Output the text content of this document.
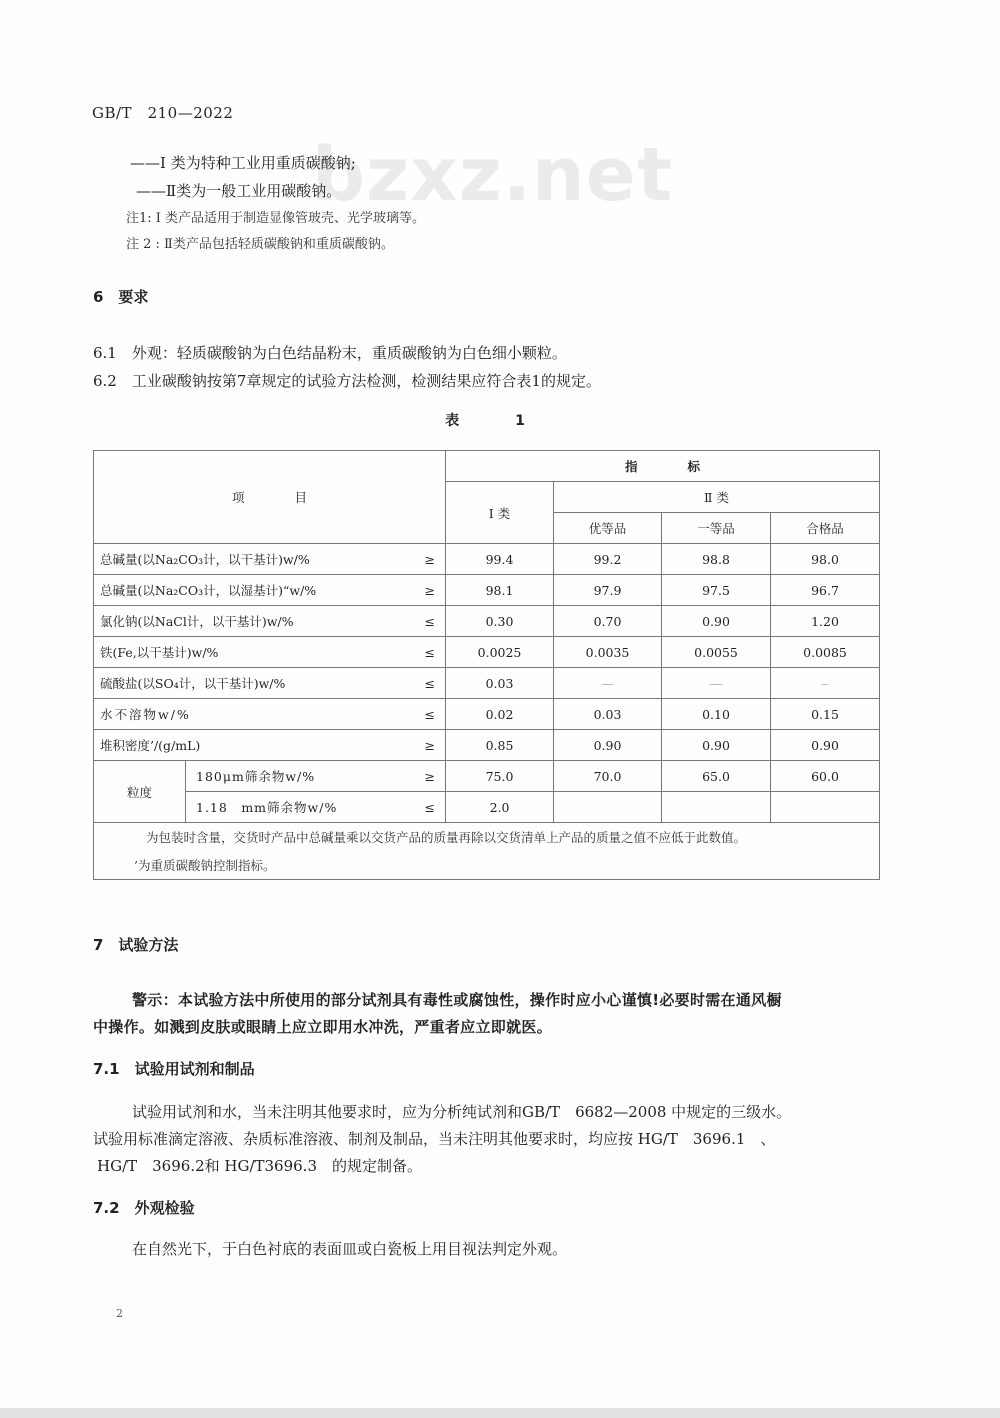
bzxz.net
GB/T 210—2022
——Ⅰ 类为特种工业用重质碳酸钠;
——Ⅱ类为一般工业用碳酸钠。
注1: Ⅰ 类产品适用于制造显像管玻壳、光学玻璃等。
注 2 : Ⅱ类产品包括轻质碳酸钠和重质碳酸钠。
6　要求
6.1　外观：轻质碳酸钠为白色结晶粉末，重质碳酸钠为白色细小颗粒。
6.2　工业碳酸钠按第7章规定的试验方法检测，检测结果应符合表1的规定。
表　　　　1
项　　　　目			指　　　　标			
			Ⅰ 类	Ⅱ 类		
				优等品	一等品	合格品
总碱量(以Na₂CO₃计，以干基计)w/%		≥	99.4	99.2	98.8	98.0
总碱量(以Na₂CO₃计，以湿基计)“w/%		≥	98.1	97.9	97.5	96.7
氯化钠(以NaCl计，以干基计)w/%		≤	0.30	0.70	0.90	1.20
铁(Fe,以干基计)w/%		≤	0.0025	0.0035	0.0055	0.0085
硫酸盐(以SO₄计，以干基计)w/%		≤	0.03	—	—	–
水不溶物w/%		≤	0.02	0.03	0.10	0.15
堆积密度’/(g/mL)		≥	0.85	0.90	0.90	0.90
粒度	180μm筛余物w/%	≥	75.0	70.0	65.0	60.0
	1.18 mm筛余物w/%	≤	2.0			
为包装时含量，交货时产品中总碱量乘以交货产品的质量再除以交货清单上产品的质量之值不应低于此数值。						
’为重质碳酸钠控制指标。						
7　试验方法
警示：本试验方法中所使用的部分试剂具有毒性或腐蚀性，操作时应小心谨慎!必要时需在通风橱
中操作。如溅到皮肤或眼睛上应立即用水冲洗，严重者应立即就医。
7.1　试验用试剂和制品
试验用试剂和水，当未注明其他要求时，应为分析纯试剂和GB/T 6682—2008 中规定的三级水。
试验用标准滴定溶液、杂质标准溶液、制剂及制品，当未注明其他要求时，均应按 HG/T 3696.1　、
HG/T 3696.2和 HG/T3696.3　的规定制备。
7.2　外观检验
在自然光下，于白色衬底的表面皿或白瓷板上用目视法判定外观。
2
